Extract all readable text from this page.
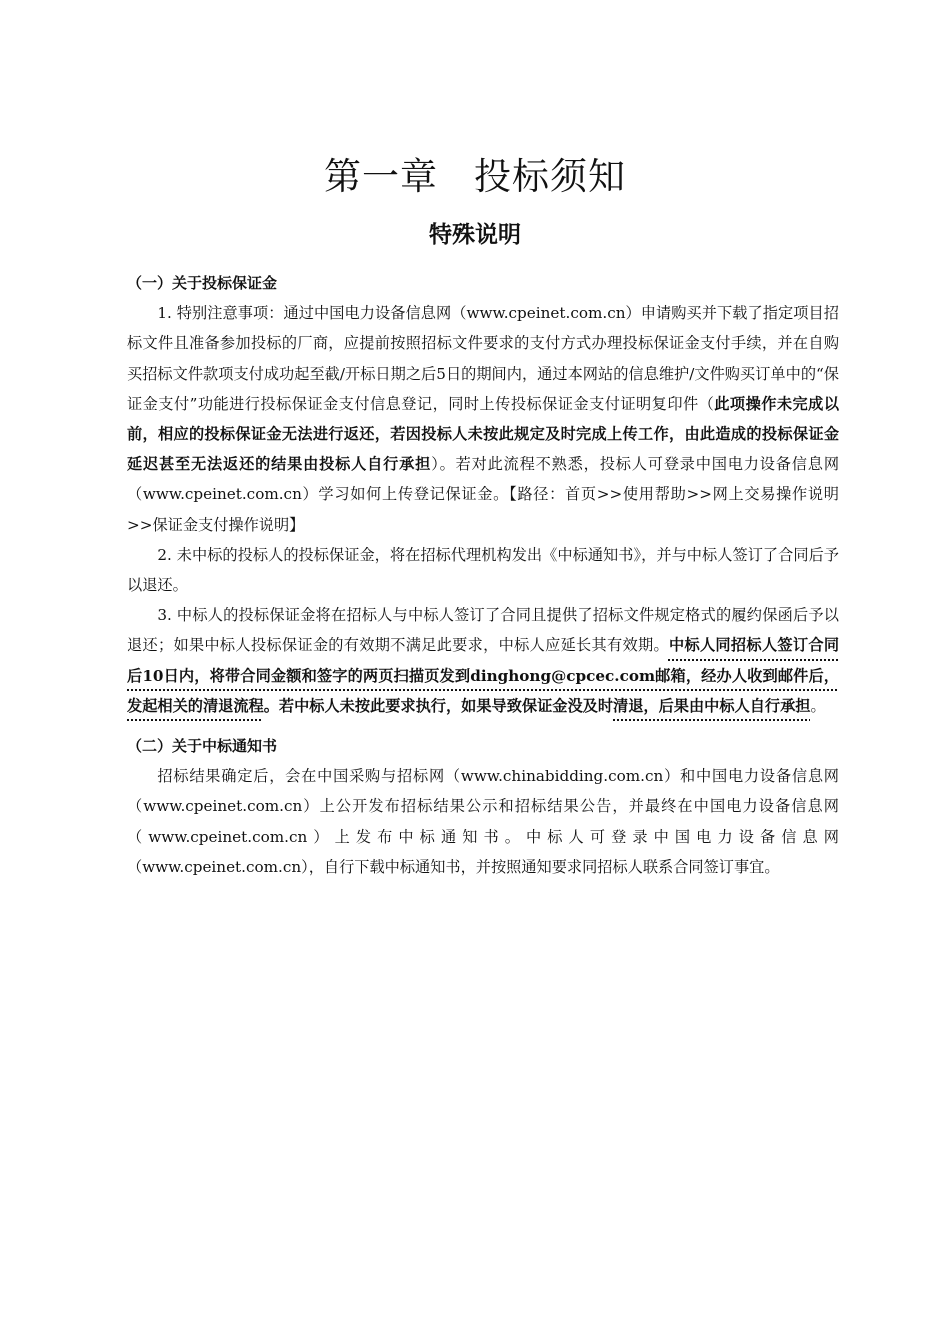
第一章 投标须知
特殊说明
（一）关于投标保证金

1. 特别注意事项：通过中国电力设备信息网（www.cpeinet.com.cn）申请购买并下载了指定项目招标文件且准备参加投标的厂商，应提前按照招标文件要求的支付方式办理投标保证金支付手续，并在自购买招标文件款项支付成功起至截/开标日期之后5日的期间内，通过本网站的信息维护/文件购买订单中的“保证金支付”功能进行投标保证金支付信息登记，同时上传投标保证金支付证明复印件（此项操作未完成以前，相应的投标保证金无法进行返还，若因投标人未按此规定及时完成上传工作，由此造成的投标保证金延迟甚至无法返还的结果由投标人自行承担）。若对此流程不熟悉，投标人可登录中国电力设备信息网（www.cpeinet.com.cn）学习如何上传登记保证金。【路径：首页>>使用帮助>>网上交易操作说明>>保证金支付操作说明】

2. 未中标的投标人的投标保证金，将在招标代理机构发出《中标通知书》，并与中标人签订了合同后予以退还。

3. 中标人的投标保证金将在招标人与中标人签订了合同且提供了招标文件规定格式的履约保函后予以退还；如果中标人投标保证金的有效期不满足此要求，中标人应延长其有效期。中标人同招标人签订合同后10日内，将带合同金额和签字的两页扫描页发到dinghong@cpcec.com邮箱，经办人收到邮件后，发起相关的清退流程。若中标人未按此要求执行，如果导致保证金没及时清退，后果由中标人自行承担。

（二）关于中标通知书

招标结果确定后，会在中国采购与招标网（www.chinabidding.com.cn）和中国电力设备信息网（www.cpeinet.com.cn）上公开发布招标结果公示和招标结果公告，并最终在中国电力设备信息网（www.cpeinet.com.cn）上发布中标通知书。中标人可登录中国电力设备信息网（www.cpeinet.com.cn），自行下载中标通知书，并按照通知要求同招标人联系合同签订事宜。
